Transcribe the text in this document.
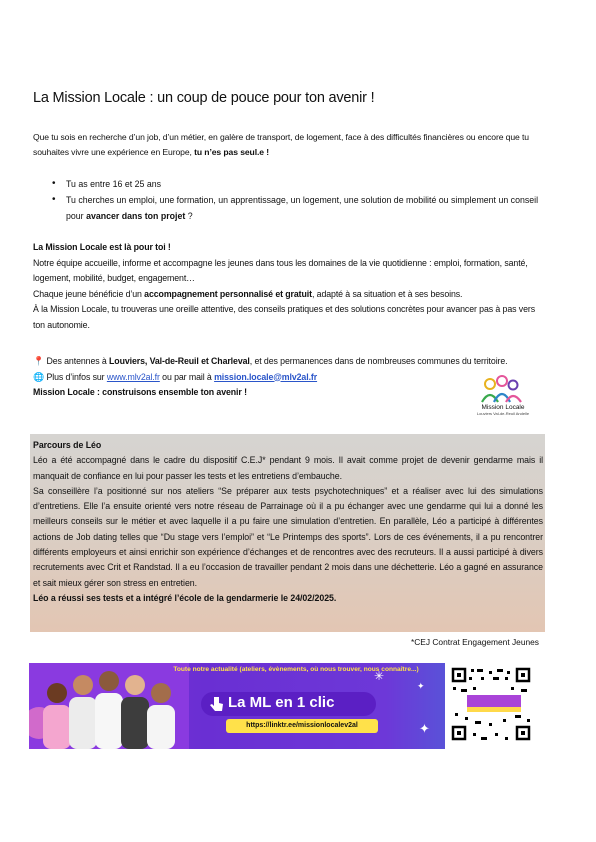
La Mission Locale : un coup de pouce pour ton avenir !
Que tu sois en recherche d’un job, d’un métier, en galère de transport, de logement, face à des difficultés financières ou encore que tu souhaites vivre une expérience en Europe, tu n’es pas seul.e !
• Tu as entre 16 et 25 ans
• Tu cherches un emploi, une formation, un apprentissage, un logement, une solution de mobilité ou simplement un conseil pour avancer dans ton projet ?

La Mission Locale est là pour toi !

Notre équipe accueille, informe et accompagne les jeunes dans tous les domaines de la vie quotidienne : emploi, formation, santé, logement, mobilité, budget, engagement…

Chaque jeune bénéficie d’un accompagnement personnalisé et gratuit, adapté à sa situation et à ses besoins.

À la Mission Locale, tu trouveras une oreille attentive, des conseils pratiques et des solutions concrètes pour avancer pas à pas vers ton autonomie.

📍 Des antennes à Louviers, Val-de-Reuil et Charleval, et des permanences dans de nombreuses communes du territoire.

🌐 Plus d’infos sur www.mlv2al.fr ou par mail à mission.locale@mlv2al.fr

Mission Locale : construisons ensemble ton avenir !

Mission Locale
Louviers Val-de-Reuil Andelle

Parcours de Léo

Léo a été accompagné dans le cadre du dispositif C.E.J* pendant 9 mois. Il avait comme projet de devenir gendarme mais il manquait de confiance en lui pour passer les tests et les entretiens d’embauche.

Sa conseillère l’a positionné sur nos ateliers “Se préparer aux tests psychotechniques” et a réaliser avec lui des simulations d’entretiens. Elle l’a ensuite orienté vers notre réseau de Parrainage où il a pu échanger avec une gendarme qui lui a donné les meilleurs conseils sur le métier et avec laquelle il a pu faire une simulation d’entretien. En parallèle, Léo a participé à différentes actions de Job dating telles que “Du stage vers l’emploi” et “Le Printemps des sports”. Lors de ces événements, il a pu rencontrer différents employeurs et ainsi enrichir son expérience d’échanges et de rencontres avec des recruteurs. Il a aussi participé à divers recrutements avec Crit et Randstad. Il a eu l’occasion de travailler pendant 2 mois dans une déchetterie. Léo a gagné en assurance et sait mieux gérer son stress en entretien.

Léo a réussi ses tests et a intégré l’école de la gendarmerie le 24/02/2025.

*CEJ Contrat Engagement Jeunes
Toute notre actualité (ateliers, évènements, où nous trouver, nous connaître...)
La ML en 1 clic
https://linktr.ee/missionlocalev2al
✳
✦
✦
